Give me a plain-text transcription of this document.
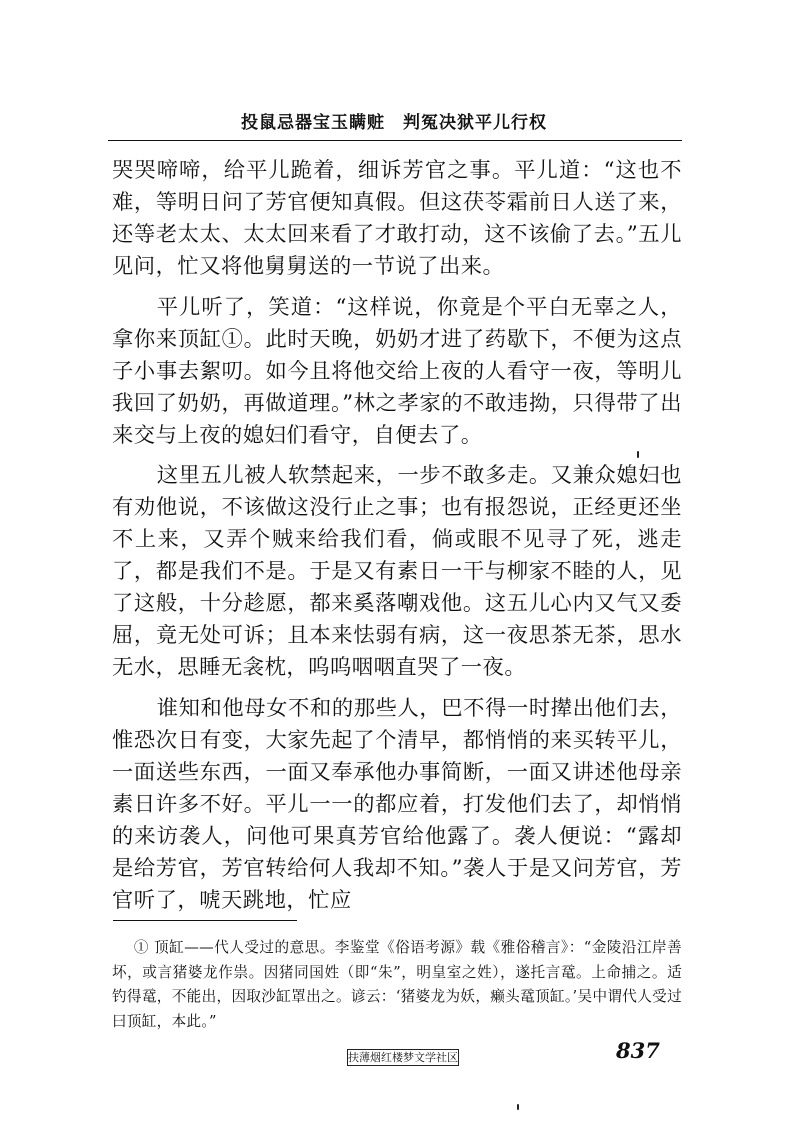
投鼠忌器宝玉瞒赃　判冤决狱平儿行权

哭哭啼啼，给平儿跪着，细诉芳官之事。平儿道：“这也不难，等明日问了芳官便知真假。但这茯苓霜前日人送了来，还等老太太、太太回来看了才敢打动，这不该偷了去。”五儿见问，忙又将他舅舅送的一节说了出来。

平儿听了，笑道：“这样说，你竟是个平白无辜之人，拿你来顶缸①。此时天晚，奶奶才进了药歇下，不便为这点子小事去絮叨。如今且将他交给上夜的人看守一夜，等明儿我回了奶奶，再做道理。”林之孝家的不敢违拗，只得带了出来交与上夜的媳妇们看守，自便去了。

这里五儿被人软禁起来，一步不敢多走。又兼众媳妇也有劝他说，不该做这没行止之事；也有报怨说，正经更还坐不上来，又弄个贼来给我们看，倘或眼不见寻了死，逃走了，都是我们不是。于是又有素日一干与柳家不睦的人，见了这般，十分趁愿，都来奚落嘲戏他。这五儿心内又气又委屈，竟无处可诉；且本来怯弱有病，这一夜思茶无茶，思水无水，思睡无衾枕，呜呜咽咽直哭了一夜。

谁知和他母女不和的那些人，巴不得一时撵出他们去，惟恐次日有变，大家先起了个清早，都悄悄的来买转平儿，一面送些东西，一面又奉承他办事简断，一面又讲述他母亲素日许多不好。平儿一一的都应着，打发他们去了，却悄悄的来访袭人，问他可果真芳官给他露了。袭人便说：“露却是给芳官，芳官转给何人我却不知。”袭人于是又问芳官，芳官听了，唬天跳地，忙应

① 顶缸——代人受过的意思。李鉴堂《俗语考源》载《雅俗稽言》：“金陵沿江岸善坏，或言猪婆龙作祟。因猪同国姓（即“朱”，明皇室之姓），遂托言鼋。上命捕之。适钓得鼋，不能出，因取沙缸罩出之。谚云：‘猪婆龙为妖，癞头鼋顶缸。’吴中谓代人受过曰顶缸，本此。”
扶薄烟红楼梦文学社区	837
